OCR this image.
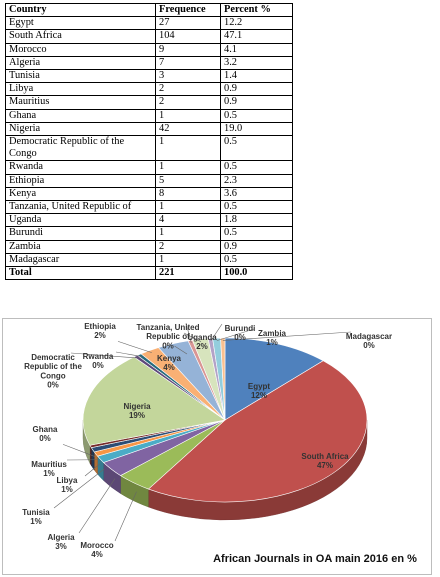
Country	Frequence	Percent %
Egypt	27	12.2
South Africa	104	47.1
Morocco	9	4.1
Algeria	7	3.2
Tunisia	3	1.4
Libya	2	0.9
Mauritius	2	0.9
Ghana	1	0.5
Nigeria	42	19.0
Democratic Republic of the Congo	1	0.5
Rwanda	1	0.5
Ethiopia	5	2.3
Kenya	8	3.6
Tanzania, United Republic of	1	0.5
Uganda	4	1.8
Burundi	1	0.5
Zambia	2	0.9
Madagascar	1	0.5
Total	221	100.0
Egypt 12%
South Africa 47%
Morocco 4%
Algeria 3%
Tunisia 1%
Libya 1%
Mauritius 1%
Ghana 0%
Nigeria 19%
Democratic Republic of the Congo 0%
Rwanda 0%
Ethiopia 2%
Kenya 4%
Tanzania, United Republic of 0%
Uganda 2%
Burundi 0%	Zambia 1%
Madagascar 0%
African Journals in OA main 2016 en %
